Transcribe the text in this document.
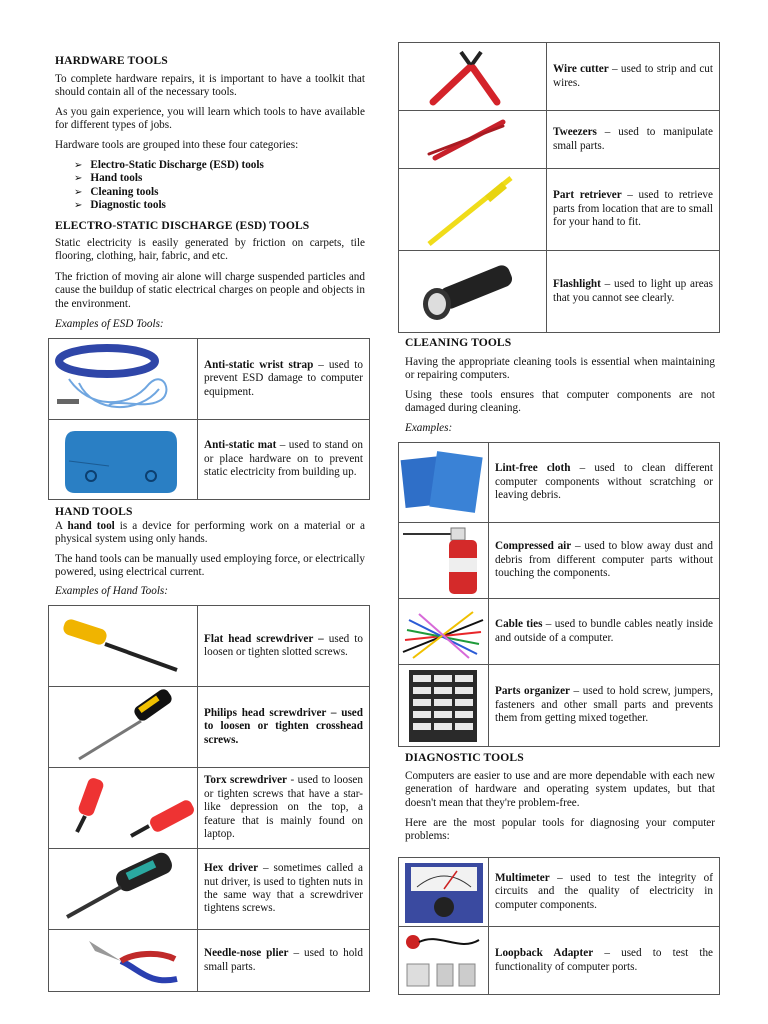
HARDWARE TOOLS

To complete hardware repairs, it is important to have a toolkit that should contain all of the necessary tools.

As you gain experience, you will learn which tools to have available for different types of jobs.

Hardware tools are grouped into these four categories:

➢ Electro-Static Discharge (ESD) tools
➢ Hand tools
➢ Cleaning tools
➢ Diagnostic tools
ELECTRO-STATIC DISCHARGE (ESD) TOOLS

Static electricity is easily generated by friction on carpets, tile flooring, clothing, hair, fabric, and etc.

The friction of moving air alone will charge suspended particles and cause the buildup of static electrical charges on people and objects in the environment.

Examples of ESD Tools:

	Anti-static wrist strap – used to prevent ESD damage to computer equipment.

	Anti-static mat – used to stand on or place hardware on to prevent static electricity from building up.
HAND TOOLS

A hand tool is a device for performing work on a material or a physical system using only hands.

The hand tools can be manually used employing force, or electrically powered, using electrical current.

Examples of Hand Tools:

	Flat head screwdriver – used to loosen or tighten slotted screws.

	Philips head screwdriver – used to loosen or tighten crosshead screws.

	Torx screwdriver - used to loosen or tighten screws that have a star-like depression on the top, a feature that is mainly found on laptop.

	Hex driver – sometimes called a nut driver, is used to tighten nuts in the same way that a screwdriver tightens screws.

	Needle-nose plier – used to hold small parts.
	Wire cutter – used to strip and cut wires.

	Tweezers – used to manipulate small parts.

	Part retriever – used to retrieve parts from location that are to small for your hand to fit.

	Flashlight – used to light up areas that you cannot see clearly.
CLEANING TOOLS

Having the appropriate cleaning tools is essential when maintaining or repairing computers.

Using these tools ensures that computer components are not damaged during cleaning.

Examples:

	Lint-free cloth – used to clean different computer components without scratching or leaving debris.

	Compressed air – used to blow away dust and debris from different computer parts without touching the components.

	Cable ties – used to bundle cables neatly inside and outside of a computer.

	Parts organizer – used to hold screw, jumpers, fasteners and other small parts and prevents them from getting mixed together.
DIAGNOSTIC TOOLS

Computers are easier to use and are more dependable with each new generation of hardware and operating system updates, but that doesn't mean that they're problem-free.

Here are the most popular tools for diagnosing your computer problems:

	Multimeter – used to test the integrity of circuits and the quality of electricity in computer components.

	Loopback Adapter – used to test the functionality of computer ports.
